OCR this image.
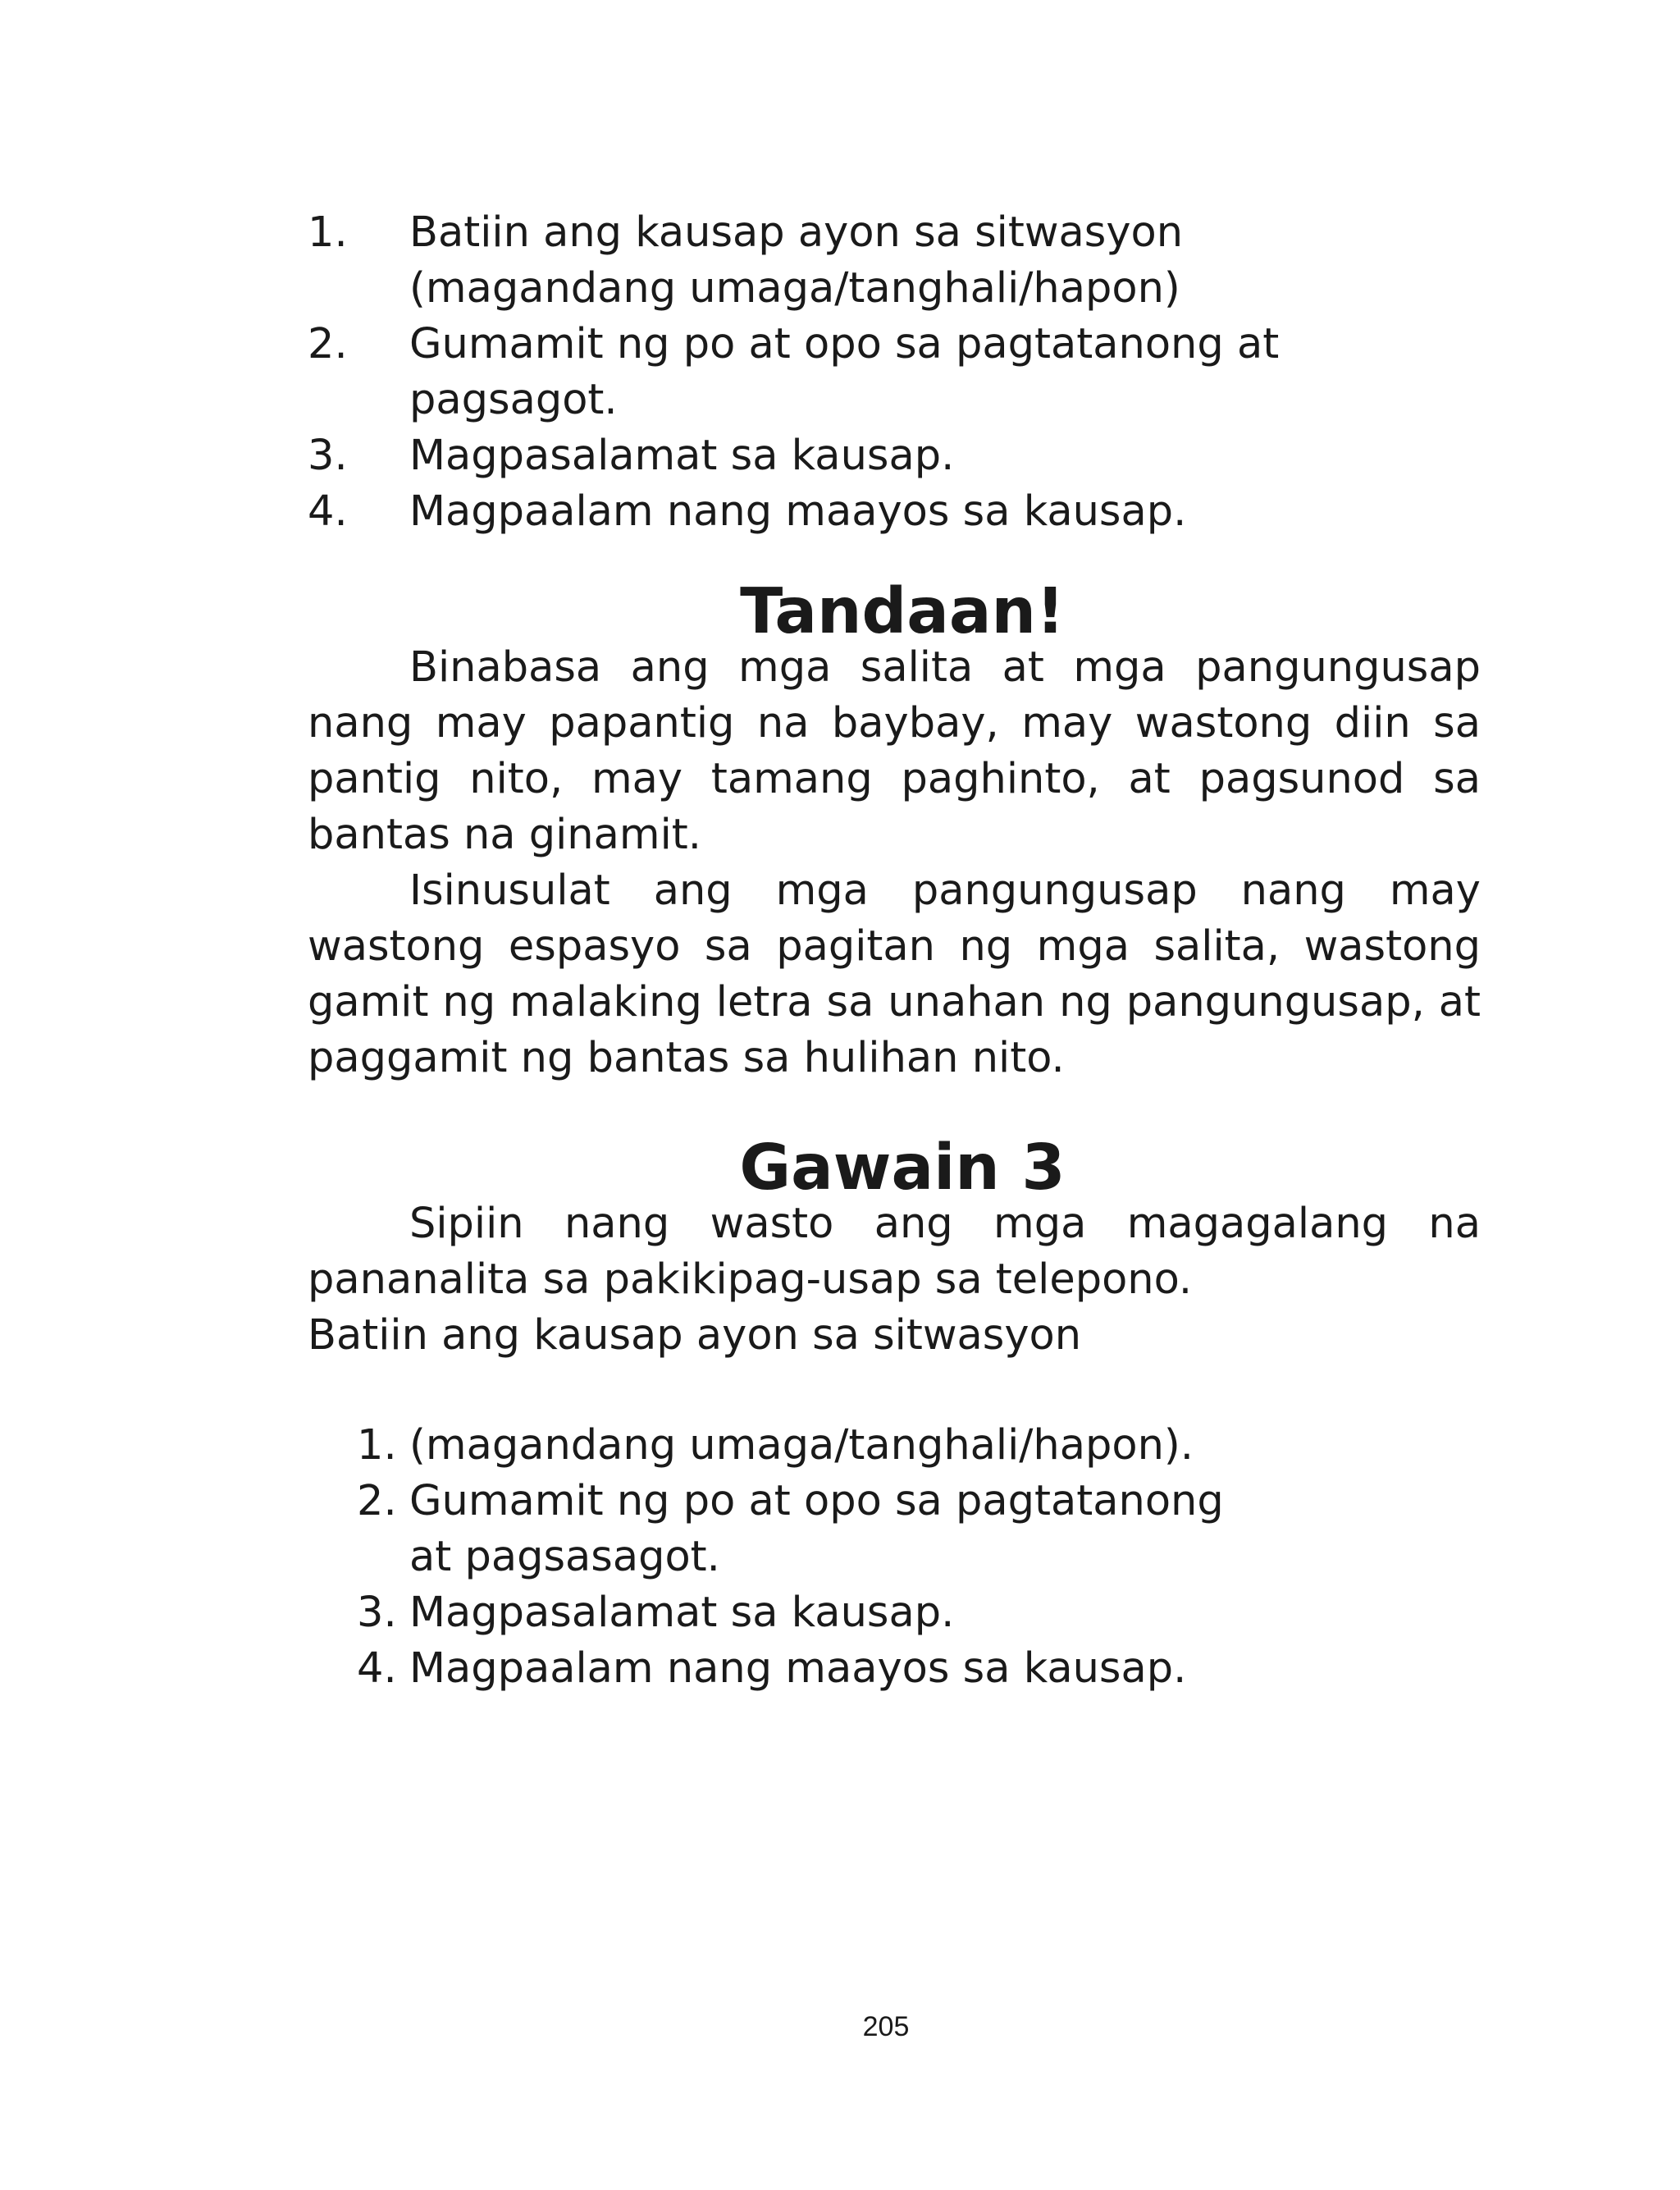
1. Batiin ang kausap ayon sa sitwasyon
(magandang umaga/tanghali/hapon)
2. Gumamit ng po at opo sa pagtatanong at
pagsagot.
3. Magpasalamat sa kausap.
4. Magpaalam nang maayos sa kausap.
Tandaan!

Binabasa ang mga salita at mga pangungusap nang may papantig na baybay, may wastong diin sa pantig nito, may tamang paghinto, at pagsunod sa bantas na ginamit.

Isinusulat ang mga pangungusap nang may wastong espasyo sa pagitan ng mga salita, wastong gamit ng malaking letra sa unahan ng pangungusap, at paggamit ng bantas sa hulihan nito.

Gawain 3

Sipiin nang wasto ang mga magagalang na pananalita sa pakikipag-usap sa telepono.

Batiin ang kausap ayon sa sitwasyon

1. (magandang umaga/tanghali/hapon).
2. Gumamit ng po at opo sa pagtatanong
at pagsasagot.
3. Magpasalamat sa kausap.
4. Magpaalam nang maayos sa kausap.
205
